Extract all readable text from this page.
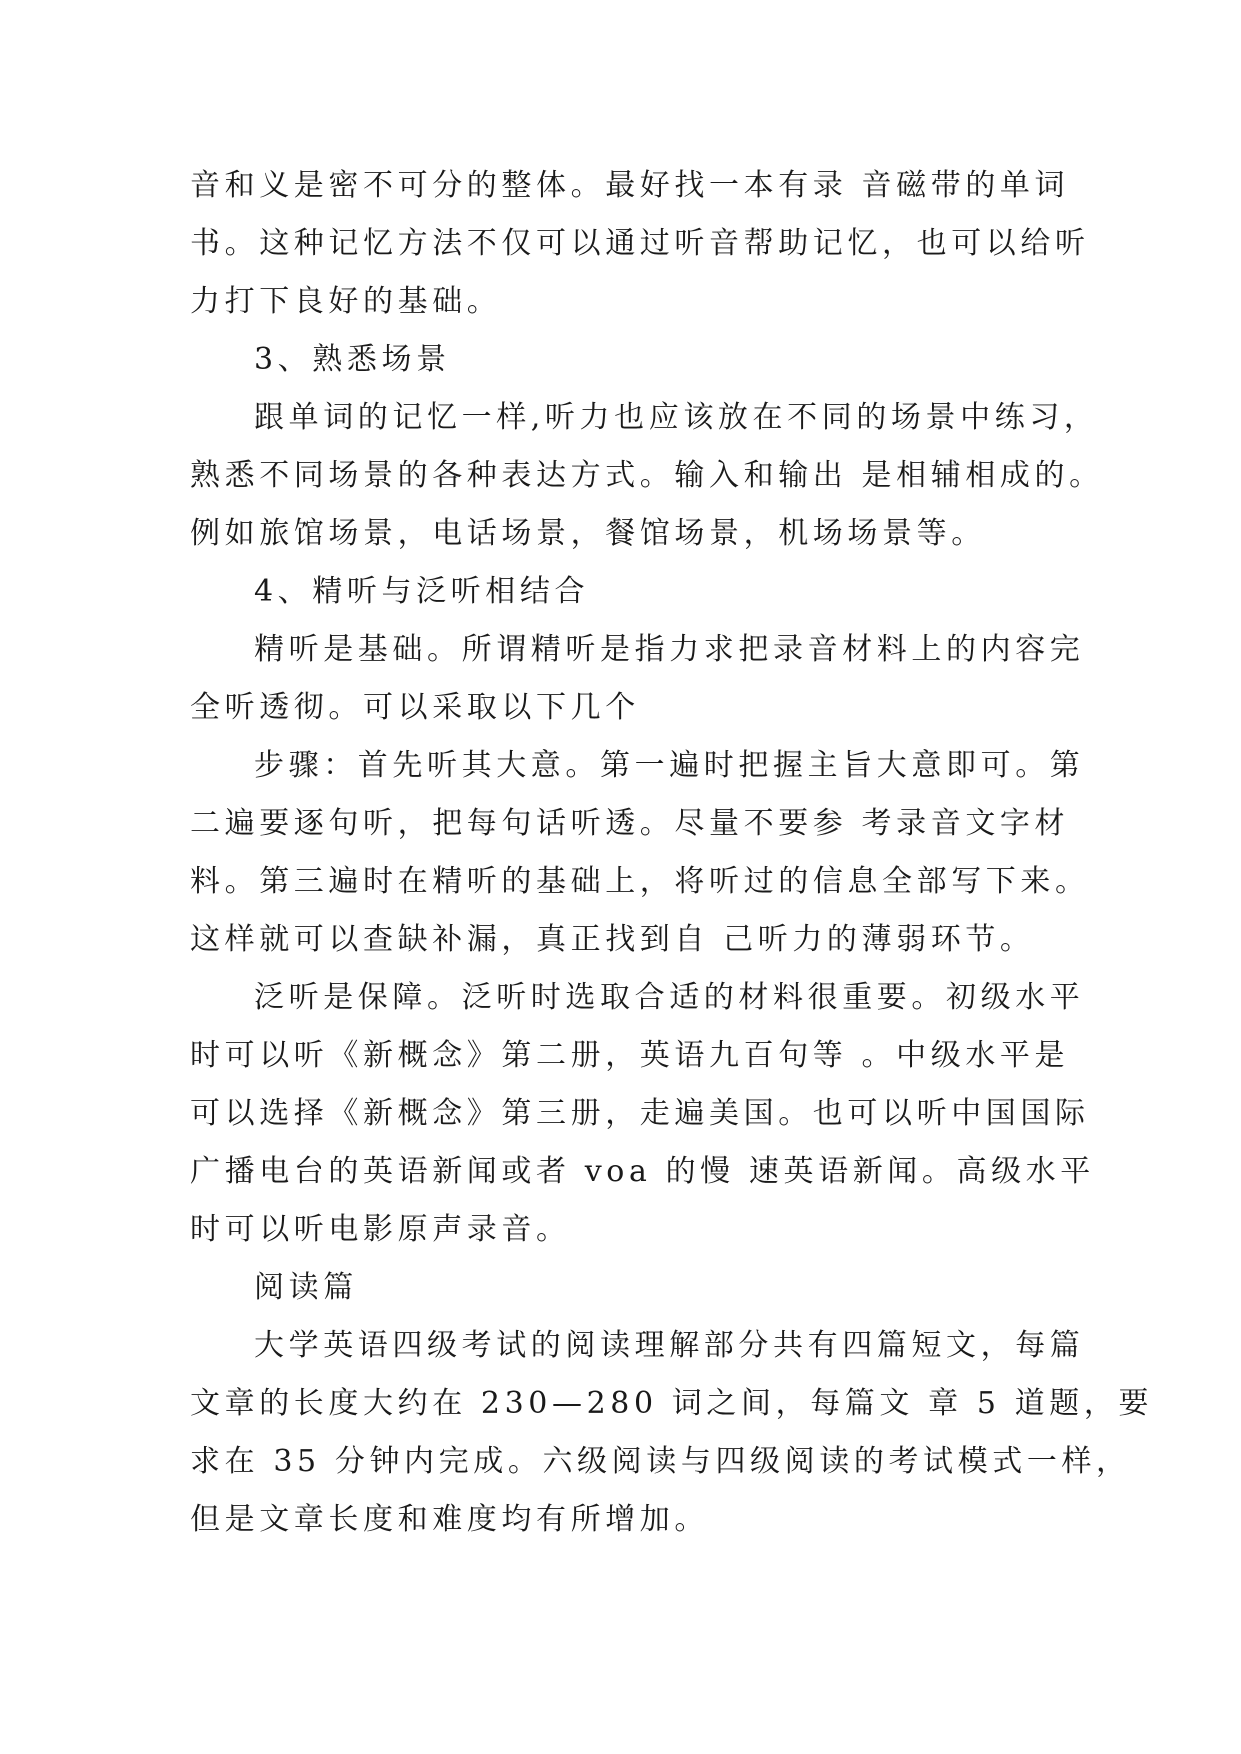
音和义是密不可分的整体。最好找一本有录 音磁带的单词
书。这种记忆方法不仅可以通过听音帮助记忆，也可以给听
力打下良好的基础。
3、熟悉场景
跟单词的记忆一样,听力也应该放在不同的场景中练习，
熟悉不同场景的各种表达方式。输入和输出 是相辅相成的。
例如旅馆场景，电话场景，餐馆场景，机场场景等。
4、精听与泛听相结合
精听是基础。所谓精听是指力求把录音材料上的内容完
全听透彻。可以采取以下几个
步骤：首先听其大意。第一遍时把握主旨大意即可。第
二遍要逐句听，把每句话听透。尽量不要参 考录音文字材
料。第三遍时在精听的基础上，将听过的信息全部写下来。
这样就可以查缺补漏，真正找到自 己听力的薄弱环节。
泛听是保障。泛听时选取合适的材料很重要。初级水平
时可以听《新概念》第二册，英语九百句等 。中级水平是
可以选择《新概念》第三册，走遍美国。也可以听中国国际
广播电台的英语新闻或者 voa 的慢 速英语新闻。高级水平
时可以听电影原声录音。
阅读篇
大学英语四级考试的阅读理解部分共有四篇短文，每篇
文章的长度大约在 230—280 词之间，每篇文 章 5 道题，要
求在 35 分钟内完成。六级阅读与四级阅读的考试模式一样，
但是文章长度和难度均有所增加。
